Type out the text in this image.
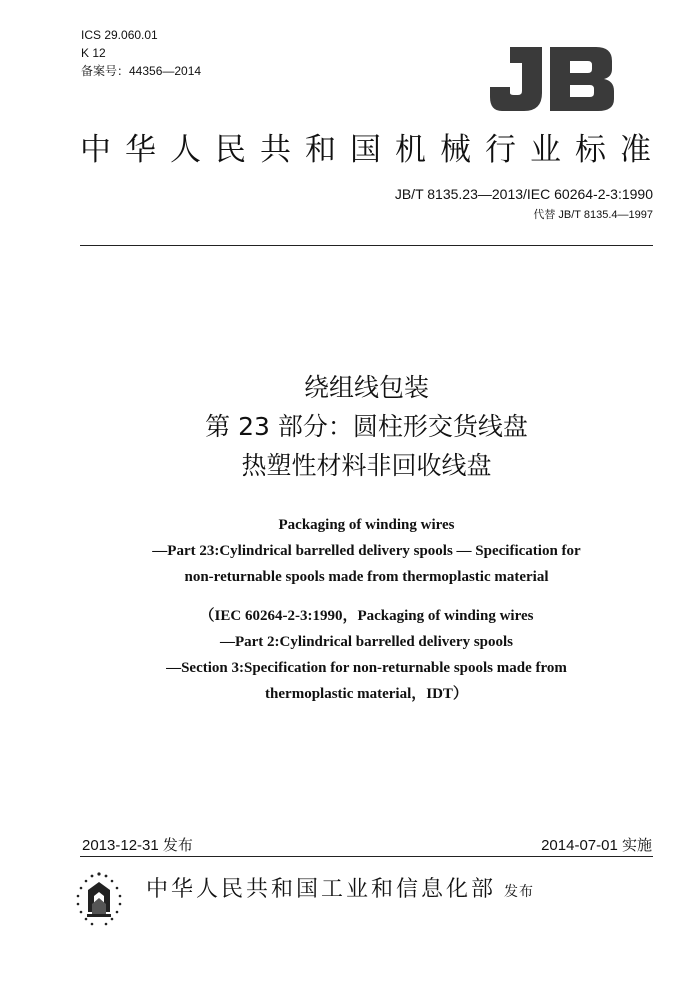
ICS 29.060.01
K 12
备案号：44356—2014
中华人民共和国机械行业标准
JB/T 8135.23—2013/IEC 60264-2-3:1990
代替 JB/T 8135.4—1997
绕组线包装
第 23 部分：圆柱形交货线盘
热塑性材料非回收线盘
Packaging of winding wires
—Part 23:Cylindrical barrelled delivery spools — Specification for
non-returnable spools made from thermoplastic material
（IEC 60264-2-3:1990，Packaging of winding wires
—Part 2:Cylindrical barrelled delivery spools
—Section 3:Specification for non-returnable spools made from
thermoplastic material，IDT）
2013-12-31 发布	2014-07-01 实施
中华人民共和国工业和信息化部 发布
